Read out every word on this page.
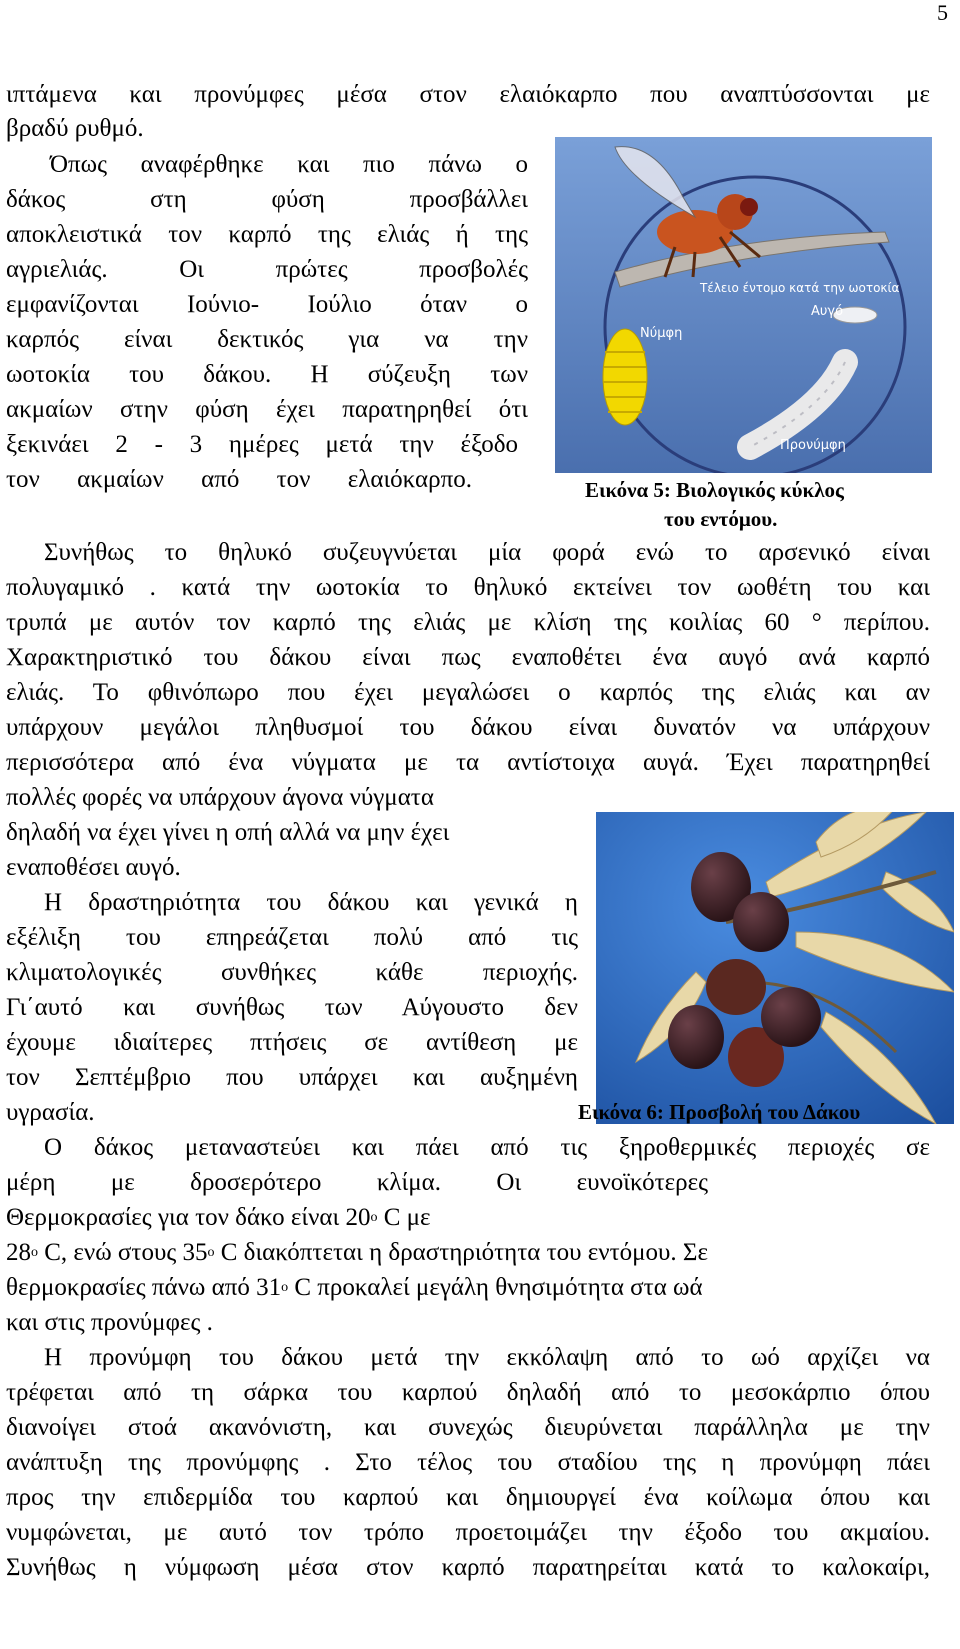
5
ιπτάμενα και προνύμφες μέσα στον ελαιόκαρπο που αναπτύσσονται με
βραδύ ρυθμό.
Όπως αναφέρθηκε και πιο πάνω ο
δάκος στη φύση προσβάλλει
αποκλειστικά τον καρπό της ελιάς ή της
αγριελιάς. Οι πρώτες προσβολές
εμφανίζονται Ιούνιο- Ιούλιο όταν ο
καρπός είναι δεκτικός για να την
ωοτοκία του δάκου. Η σύζευξη των
ακμαίων στην φύση έχει παρατηρηθεί ότι
ξεκινάει 2 - 3 ημέρες μετά την έξοδο
τον ακμαίων από τον ελαιόκαρπο.
Τέλειο έντομο κατά την ωοτοκία
Αυγό
Νύμφη
Προνύμφη
Εικόνα 5: Βιολογικός κύκλος
του εντόμου.
Συνήθως το θηλυκό συζευγνύεται μία φορά ενώ το αρσενικό είναι
πολυγαμικό . κατά την ωοτοκία το θηλυκό εκτείνει τον ωοθέτη του και
τρυπά με αυτόν τον καρπό της ελιάς με κλίση της κοιλίας 60 ° περίπου.
Χαρακτηριστικό του δάκου είναι πως εναποθέτει ένα αυγό ανά καρπό
ελιάς. Το φθινόπωρο που έχει μεγαλώσει ο καρπός της ελιάς και αν
υπάρχουν μεγάλοι πληθυσμοί του δάκου είναι δυνατόν να υπάρχουν
περισσότερα από ένα νύγματα με τα αντίστοιχα αυγά. Έχει παρατηρηθεί
πολλές φορές να υπάρχουν άγονα νύγματα
δηλαδή να έχει γίνει η οπή αλλά να μην έχει
εναποθέσει αυγό.
Η δραστηριότητα του δάκου και γενικά η
εξέλιξη του επηρεάζεται πολύ από τις
κλιματολογικές συνθήκες κάθε περιοχής.
Γι΄αυτό και συνήθως των Αύγουστο δεν
έχουμε ιδιαίτερες πτήσεις σε αντίθεση με
τον Σεπτέμβριο που υπάρχει και αυξημένη
υγρασία.	Εικόνα 6: Προσβολή του Δάκου
Ο δάκος μεταναστεύει και πάει από τις ξηροθερμικές περιοχές σε
μέρη με δροσερότερο κλίμα. Οι ευνοϊκότερες
Θερμοκρασίες για τον δάκο είναι 20$^o$ C με
28$^o$ C, ενώ στους 35$^o$ C διακόπτεται η δραστηριότητα του εντόμου. Σε
θερμοκρασίες πάνω από 31$^o$ C προκαλεί μεγάλη θνησιμότητα στα ωά
και στις προνύμφες .
Η προνύμφη του δάκου μετά την εκκόλαψη από το ωό αρχίζει να
τρέφεται από τη σάρκα του καρπού δηλαδή από το μεσοκάρπιο όπου
διανοίγει στοά ακανόνιστη, και συνεχώς διευρύνεται παράλληλα με την
ανάπτυξη της προνύμφης . Στο τέλος του σταδίου της η προνύμφη πάει
προς την επιδερμίδα του καρπού και δημιουργεί ένα κοίλωμα όπου και
νυμφώνεται, με αυτό τον τρόπο προετοιμάζει την έξοδο του ακμαίου.
Συνήθως η νύμφωση μέσα στον καρπό παρατηρείται κατά το καλοκαίρι,
